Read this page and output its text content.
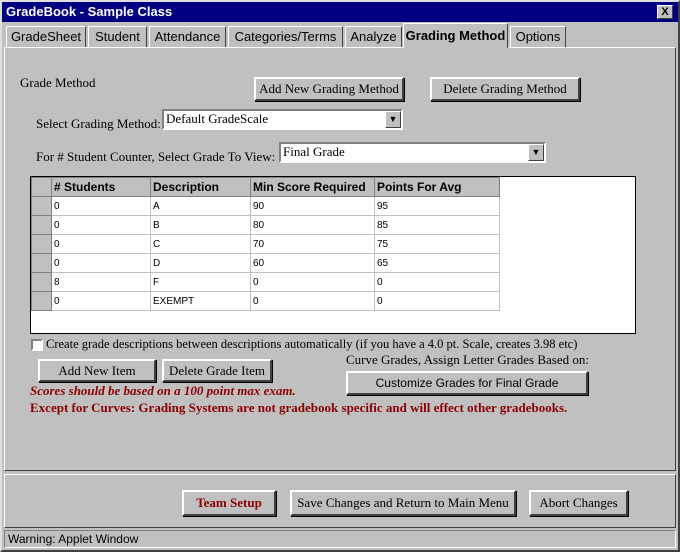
GradeBook - Sample Class	X
GradeSheet	Student	Attendance	Categories/Terms	Analyze Grading Method Options
Grade Method	Add New Grading Method	Delete Grading Method
Select Grading Method: Default GradeScale	▼
For # Student Counter, Select Grade To View: Final Grade	▼
	# Students	Description	Min Score Required	Points For Avg
	0	A	90	95
	0	B	80	85
	0	C	70	75
	0	D	60	65
	8	F	0	0
	0	EXEMPT	0	0
Create grade descriptions between descriptions automatically (if you have a 4.0 pt. Scale, creates 3.98 etc)
Add New Item	Delete Grade Item
Curve Grades, Assign Letter Grades Based on:
Customize Grades for Final Grade
Scores should be based on a 100 point max exam.
Except for Curves: Grading Systems are not gradebook specific and will effect other gradebooks.
Team Setup	Save Changes and Return to Main Menu	Abort Changes
Warning: Applet Window
